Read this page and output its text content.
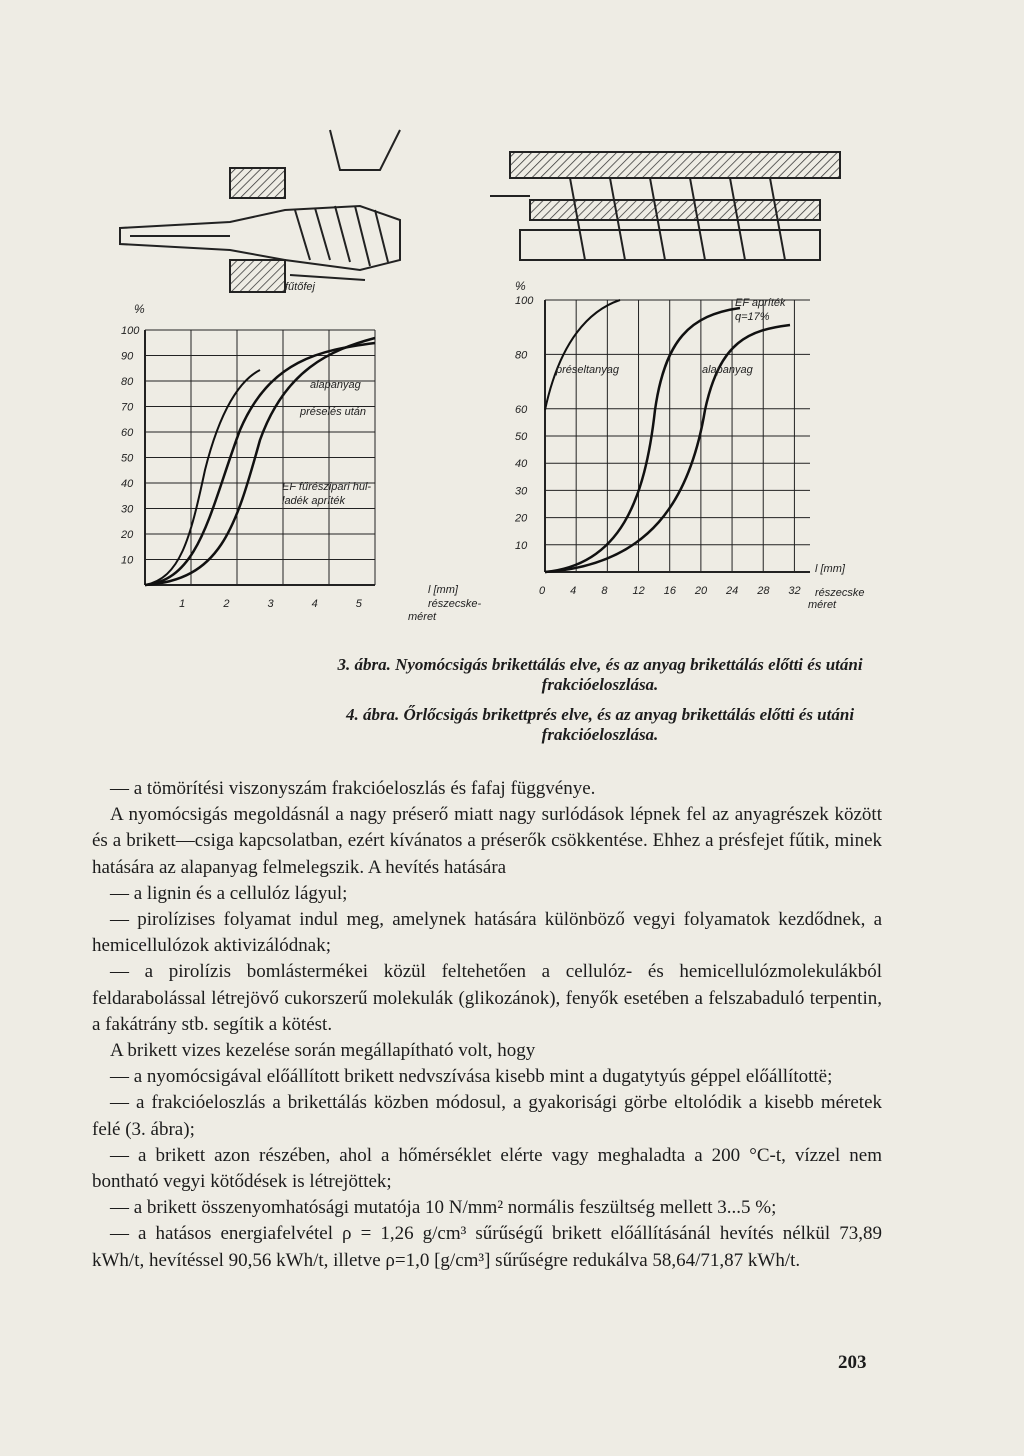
fűtőfej
%
100
90
80
70
60
50
40
30
20
10
1	2	3	4	5
alapanyag
préselés után
EF fűrészipari hul-
ladék apríték
l [mm]
részecske-
méret
%
100
80
60
50
40
30
20
10
0 4 8 12 16 20 24 28 32
préseltanyag	alapanyag
EF apríték
q=17%
l [mm]
részecske
méret
3. ábra. Nyomócsigás brikettálás elve, és az anyag brikettálás előtti és utáni frakcióeloszlása.
4. ábra. Őrlőcsigás brikettprés elve, és az anyag brikettálás előtti és utáni frakcióeloszlása.

— a tömörítési viszonyszám frakcióeloszlás és fafaj függvénye.

A nyomócsigás megoldásnál a nagy préserő miatt nagy surlódások lépnek fel az anyagrészek között és a brikett—csiga kapcsolatban, ezért kívánatos a préserők csökkentése. Ehhez a présfejet fűtik, minek hatására az alapanyag felmelegszik. A hevítés hatására

— a lignin és a cellulóz lágyul;

— pirolízises folyamat indul meg, amelynek hatására különböző vegyi folyamatok kezdődnek, a hemicellulózok aktivizálódnak;

— a pirolízis bomlástermékei közül feltehetően a cellulóz- és hemicellulózmolekulákból feldarabolással létrejövő cukorszerű molekulák (glikozánok), fenyők esetében a felszabaduló terpentin, a fakátrány stb. segítik a kötést.

A brikett vizes kezelése során megállapítható volt, hogy

— a nyomócsigával előállított brikett nedvszívása kisebb mint a dugatytyús géppel előállítottë;

— a frakcióeloszlás a brikettálás közben módosul, a gyakorisági görbe eltolódik a kisebb méretek felé (3. ábra);

— a brikett azon részében, ahol a hőmérséklet elérte vagy meghaladta a 200 °C-t, vízzel nem bontható vegyi kötődések is létrejöttek;

— a brikett összenyomhatósági mutatója 10 N/mm² normális feszültség mellett 3...5 %;

— a hatásos energiafelvétel ρ = 1,26 g/cm³ sűrűségű brikett előállításánál hevítés nélkül 73,89 kWh/t, hevítéssel 90,56 kWh/t, illetve ρ=1,0 [g/cm³] sűrűségre redukálva 58,64/71,87 kWh/t.

203
